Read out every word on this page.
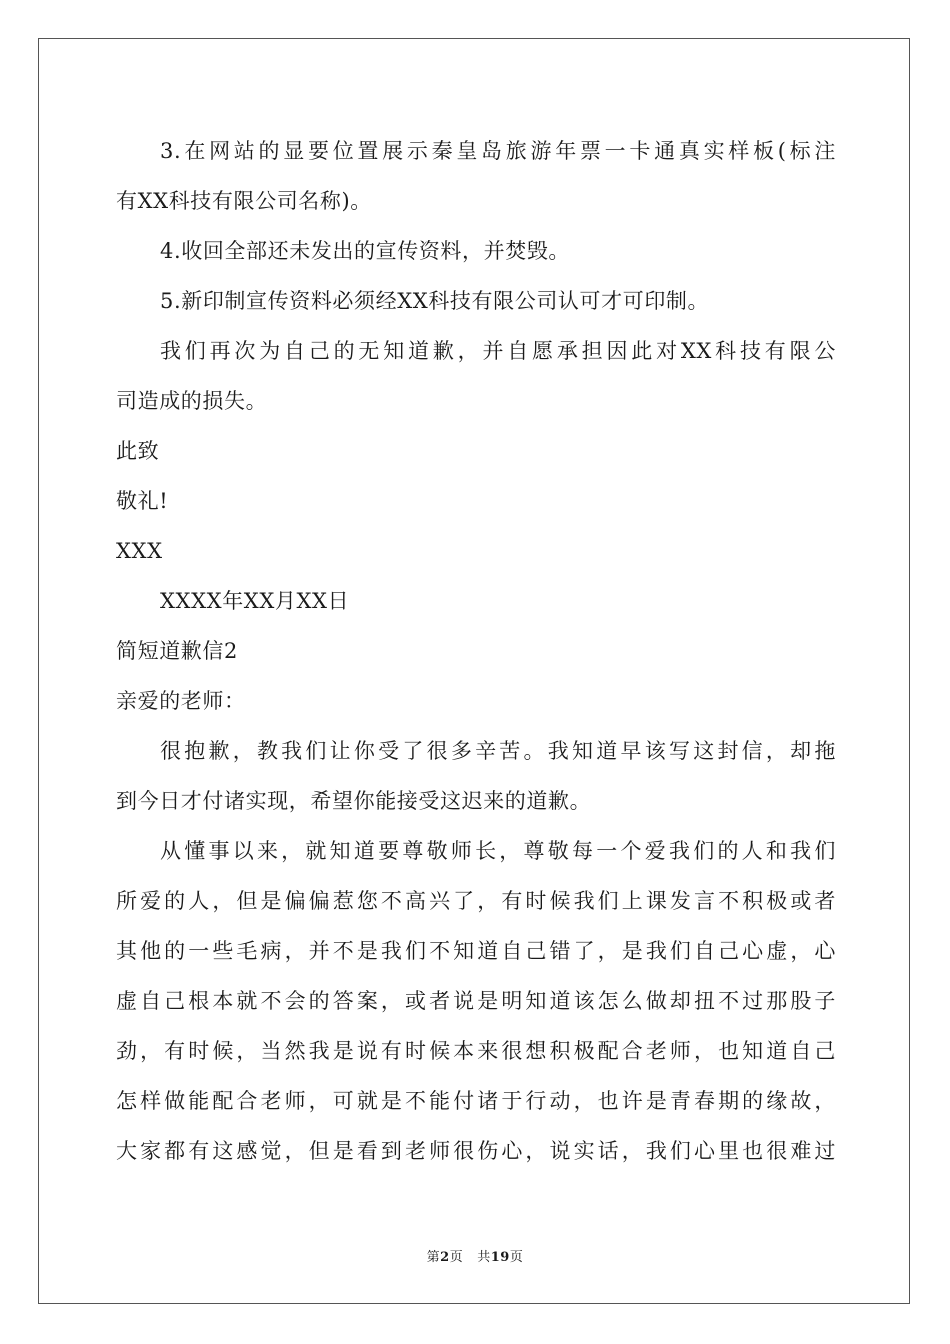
3.在网站的显要位置展示秦皇岛旅游年票一卡通真实样板(标注
有XX科技有限公司名称)。
4.收回全部还未发出的宣传资料，并焚毁。
5.新印制宣传资料必须经XX科技有限公司认可才可印制。
我们再次为自己的无知道歉，并自愿承担因此对XX科技有限公
司造成的损失。
此致
敬礼!
XXX
XXXX年XX月XX日
简短道歉信2
亲爱的老师：
很抱歉，教我们让你受了很多辛苦。我知道早该写这封信，却拖
到今日才付诸实现，希望你能接受这迟来的道歉。
从懂事以来，就知道要尊敬师长，尊敬每一个爱我们的人和我们
所爱的人，但是偏偏惹您不高兴了，有时候我们上课发言不积极或者
其他的一些毛病，并不是我们不知道自己错了，是我们自己心虚，心
虚自己根本就不会的答案，或者说是明知道该怎么做却扭不过那股子
劲，有时候，当然我是说有时候本来很想积极配合老师，也知道自己
怎样做能配合老师，可就是不能付诸于行动，也许是青春期的缘故，
大家都有这感觉，但是看到老师很伤心，说实话，我们心里也很难过
第2页 共19页
